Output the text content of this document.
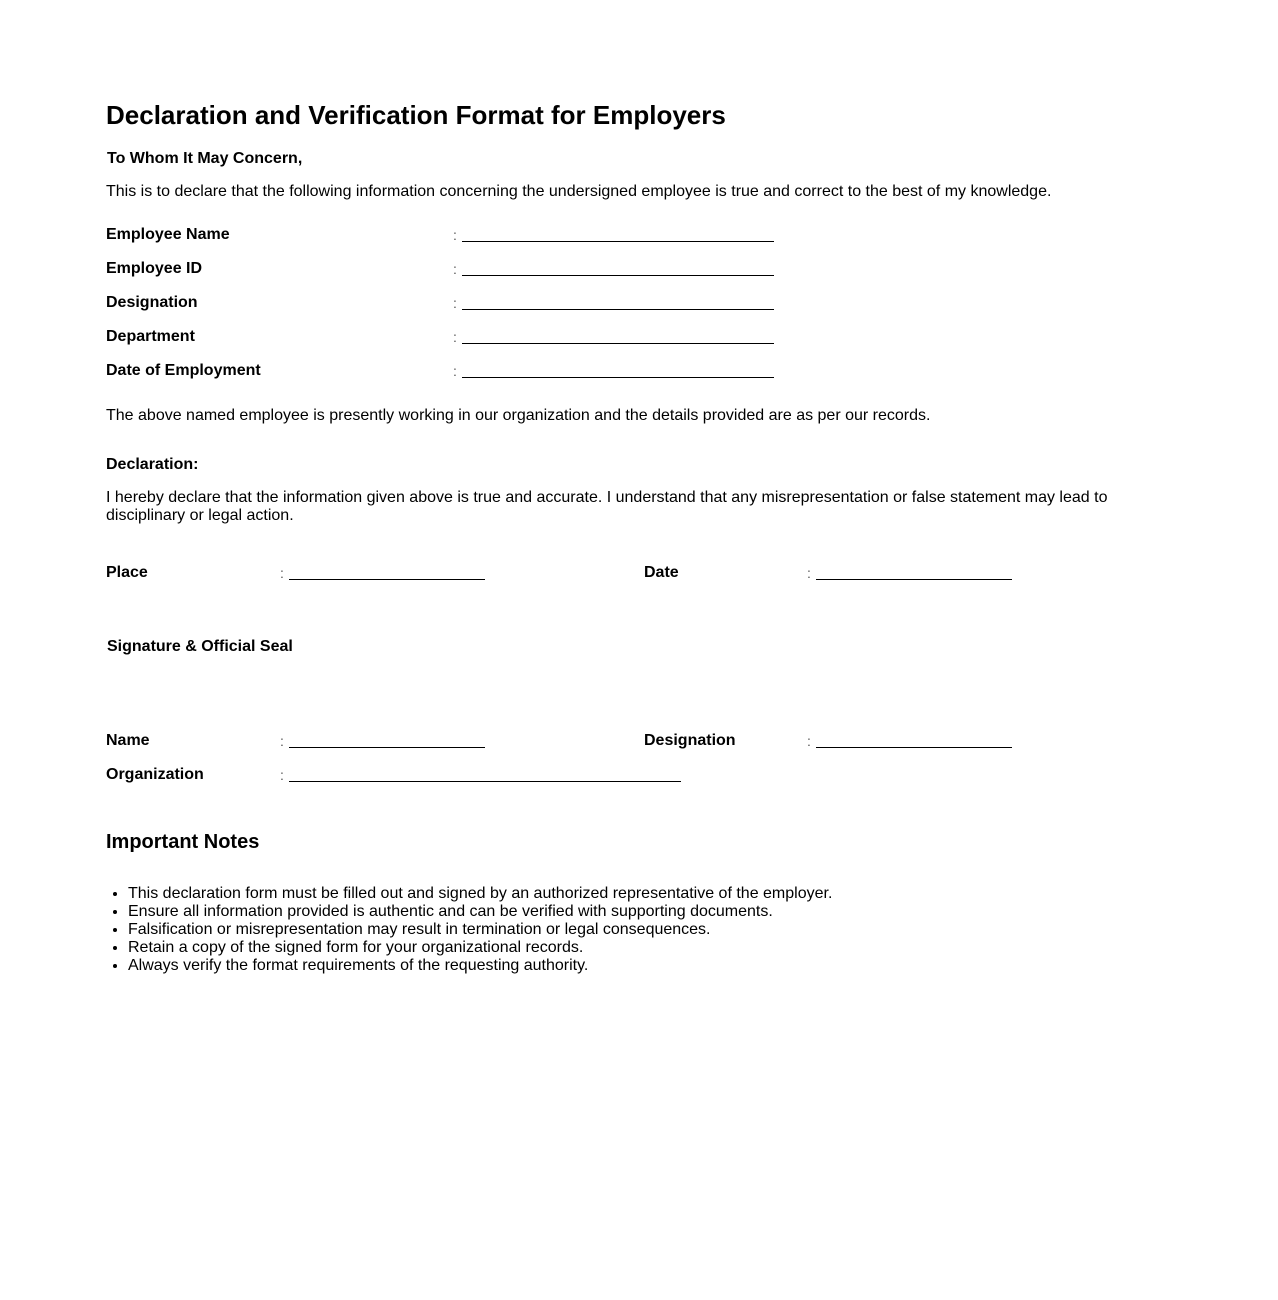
Declaration and Verification Format for Employers
To Whom It May Concern,
This is to declare that the following information concerning the undersigned employee is true and correct to the best of my knowledge.
Employee Name	:
Employee ID	:
Designation	:
Department	:
Date of Employment	:
The above named employee is presently working in our organization and the details provided are as per our records.
Declaration:
I hereby declare that the information given above is true and accurate. I understand that any misrepresentation or false statement may lead to disciplinary or legal action.
Place	:	Date	:
Signature & Official Seal
Name	:	Designation	:
Organization	:
Important Notes
• This declaration form must be filled out and signed by an authorized representative of the employer.
• Ensure all information provided is authentic and can be verified with supporting documents.
• Falsification or misrepresentation may result in termination or legal consequences.
• Retain a copy of the signed form for your organizational records.
• Always verify the format requirements of the requesting authority.
